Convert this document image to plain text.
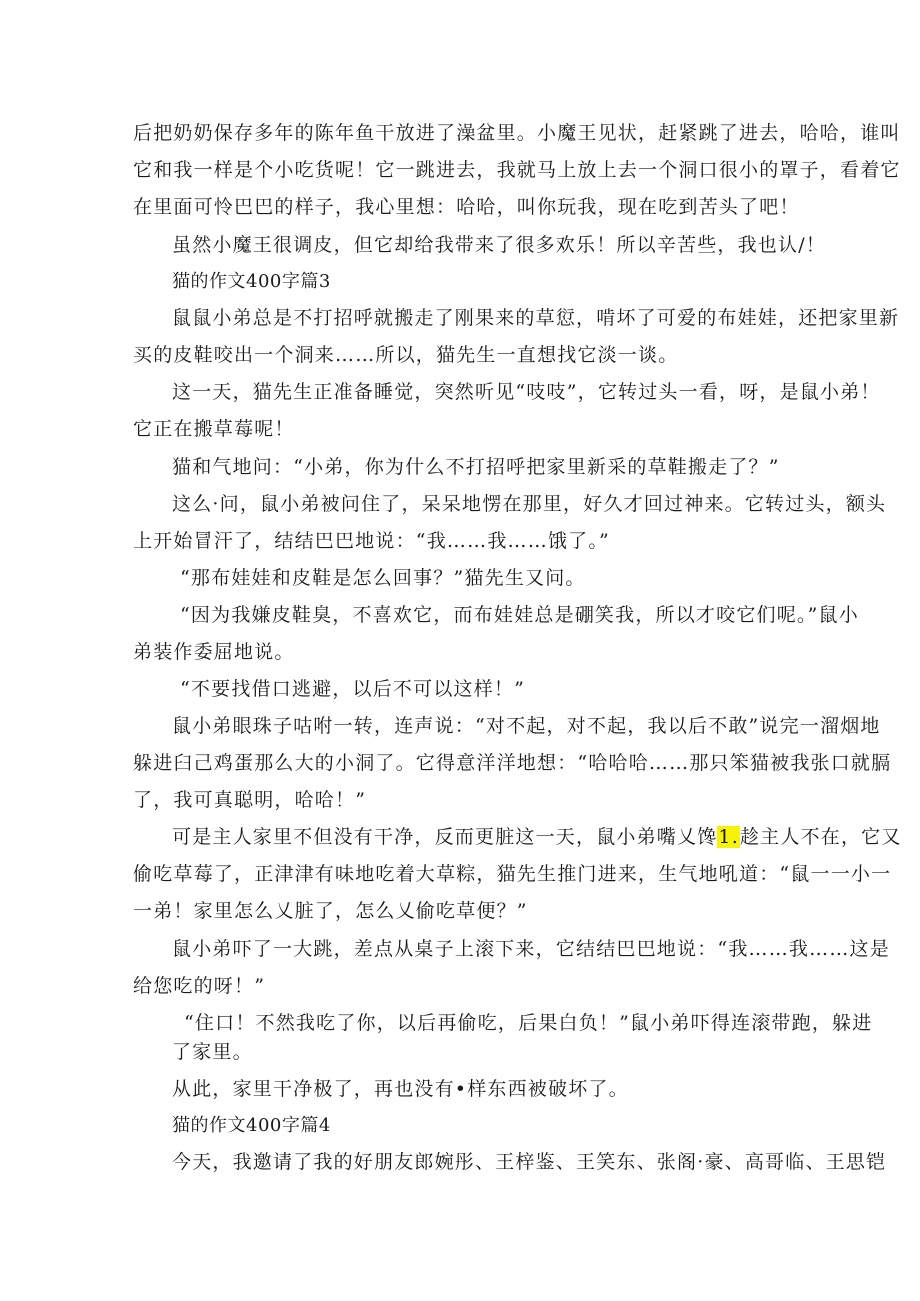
后把奶奶保存多年的陈年鱼干放进了澡盆里。小魔王见状，赶紧跳了进去，哈哈，谁叫
它和我一样是个小吃货呢！它一跳进去，我就马上放上去一个洞口很小的罩子，看着它
在里面可怜巴巴的样子，我心里想：哈哈，叫你玩我，现在吃到苦头了吧！
虽然小魔王很调皮，但它却给我带来了很多欢乐！所以辛苦些，我也认/！
猫的作文400字篇3
鼠鼠小弟总是不打招呼就搬走了刚果来的草愆，啃坏了可爱的布娃娃，还把家里新
买的皮鞋咬出一个洞来……所以，猫先生一直想找它淡一谈。
这一天，猫先生正准备睡觉，突然听见“吱吱”，它转过头一看，呀，是鼠小弟！
它正在搬草莓呢！
猫和气地问：“小弟，你为什么不打招呼把家里新采的草鞋搬走了？”
这么·问，鼠小弟被问住了，呆呆地愣在那里，好久才回过神来。它转过头，额头
上开始冒汗了，结结巴巴地说：“我……我……饿了。”
“那布娃娃和皮鞋是怎么回事？”猫先生又问。
“因为我嫌皮鞋臭，不喜欢它，而布娃娃总是硼笑我，所以才咬它们呢。”鼠小
弟装作委屈地说。
“不要找借口逃避，以后不可以这样！”
鼠小弟眼珠子咕咐一转，连声说：“对不起，对不起，我以后不敢”说完一溜烟地
躲进臼己鸡蛋那么大的小洞了。它得意洋洋地想：“哈哈哈……那只笨猫被我张口就膈
了，我可真聪明，哈哈！”
可是主人家里不但没有干净，反而更脏这一天，鼠小弟嘴乂馋1.趁主人不在，它又
偷吃草莓了，正津津有味地吃着大草粽，猫先生推门进来，生气地吼道：“鼠一一小一
一弟！家里怎么乂脏了，怎么乂偷吃草便？”
鼠小弟吓了一大跳，差点从桌子上滚下来，它结结巴巴地说：“我……我……这是
给您吃的呀！”
“住口！不然我吃了你，以后再偷吃，后果白负！”鼠小弟吓得连滚带跑，躲进
了家里。
从此，家里干净极了，再也没有•样东西被破坏了。
猫的作文400字篇4
今天，我邀请了我的好朋友郎婉彤、王梓鉴、王笑东、张阁·豪、高哥临、王思铠
